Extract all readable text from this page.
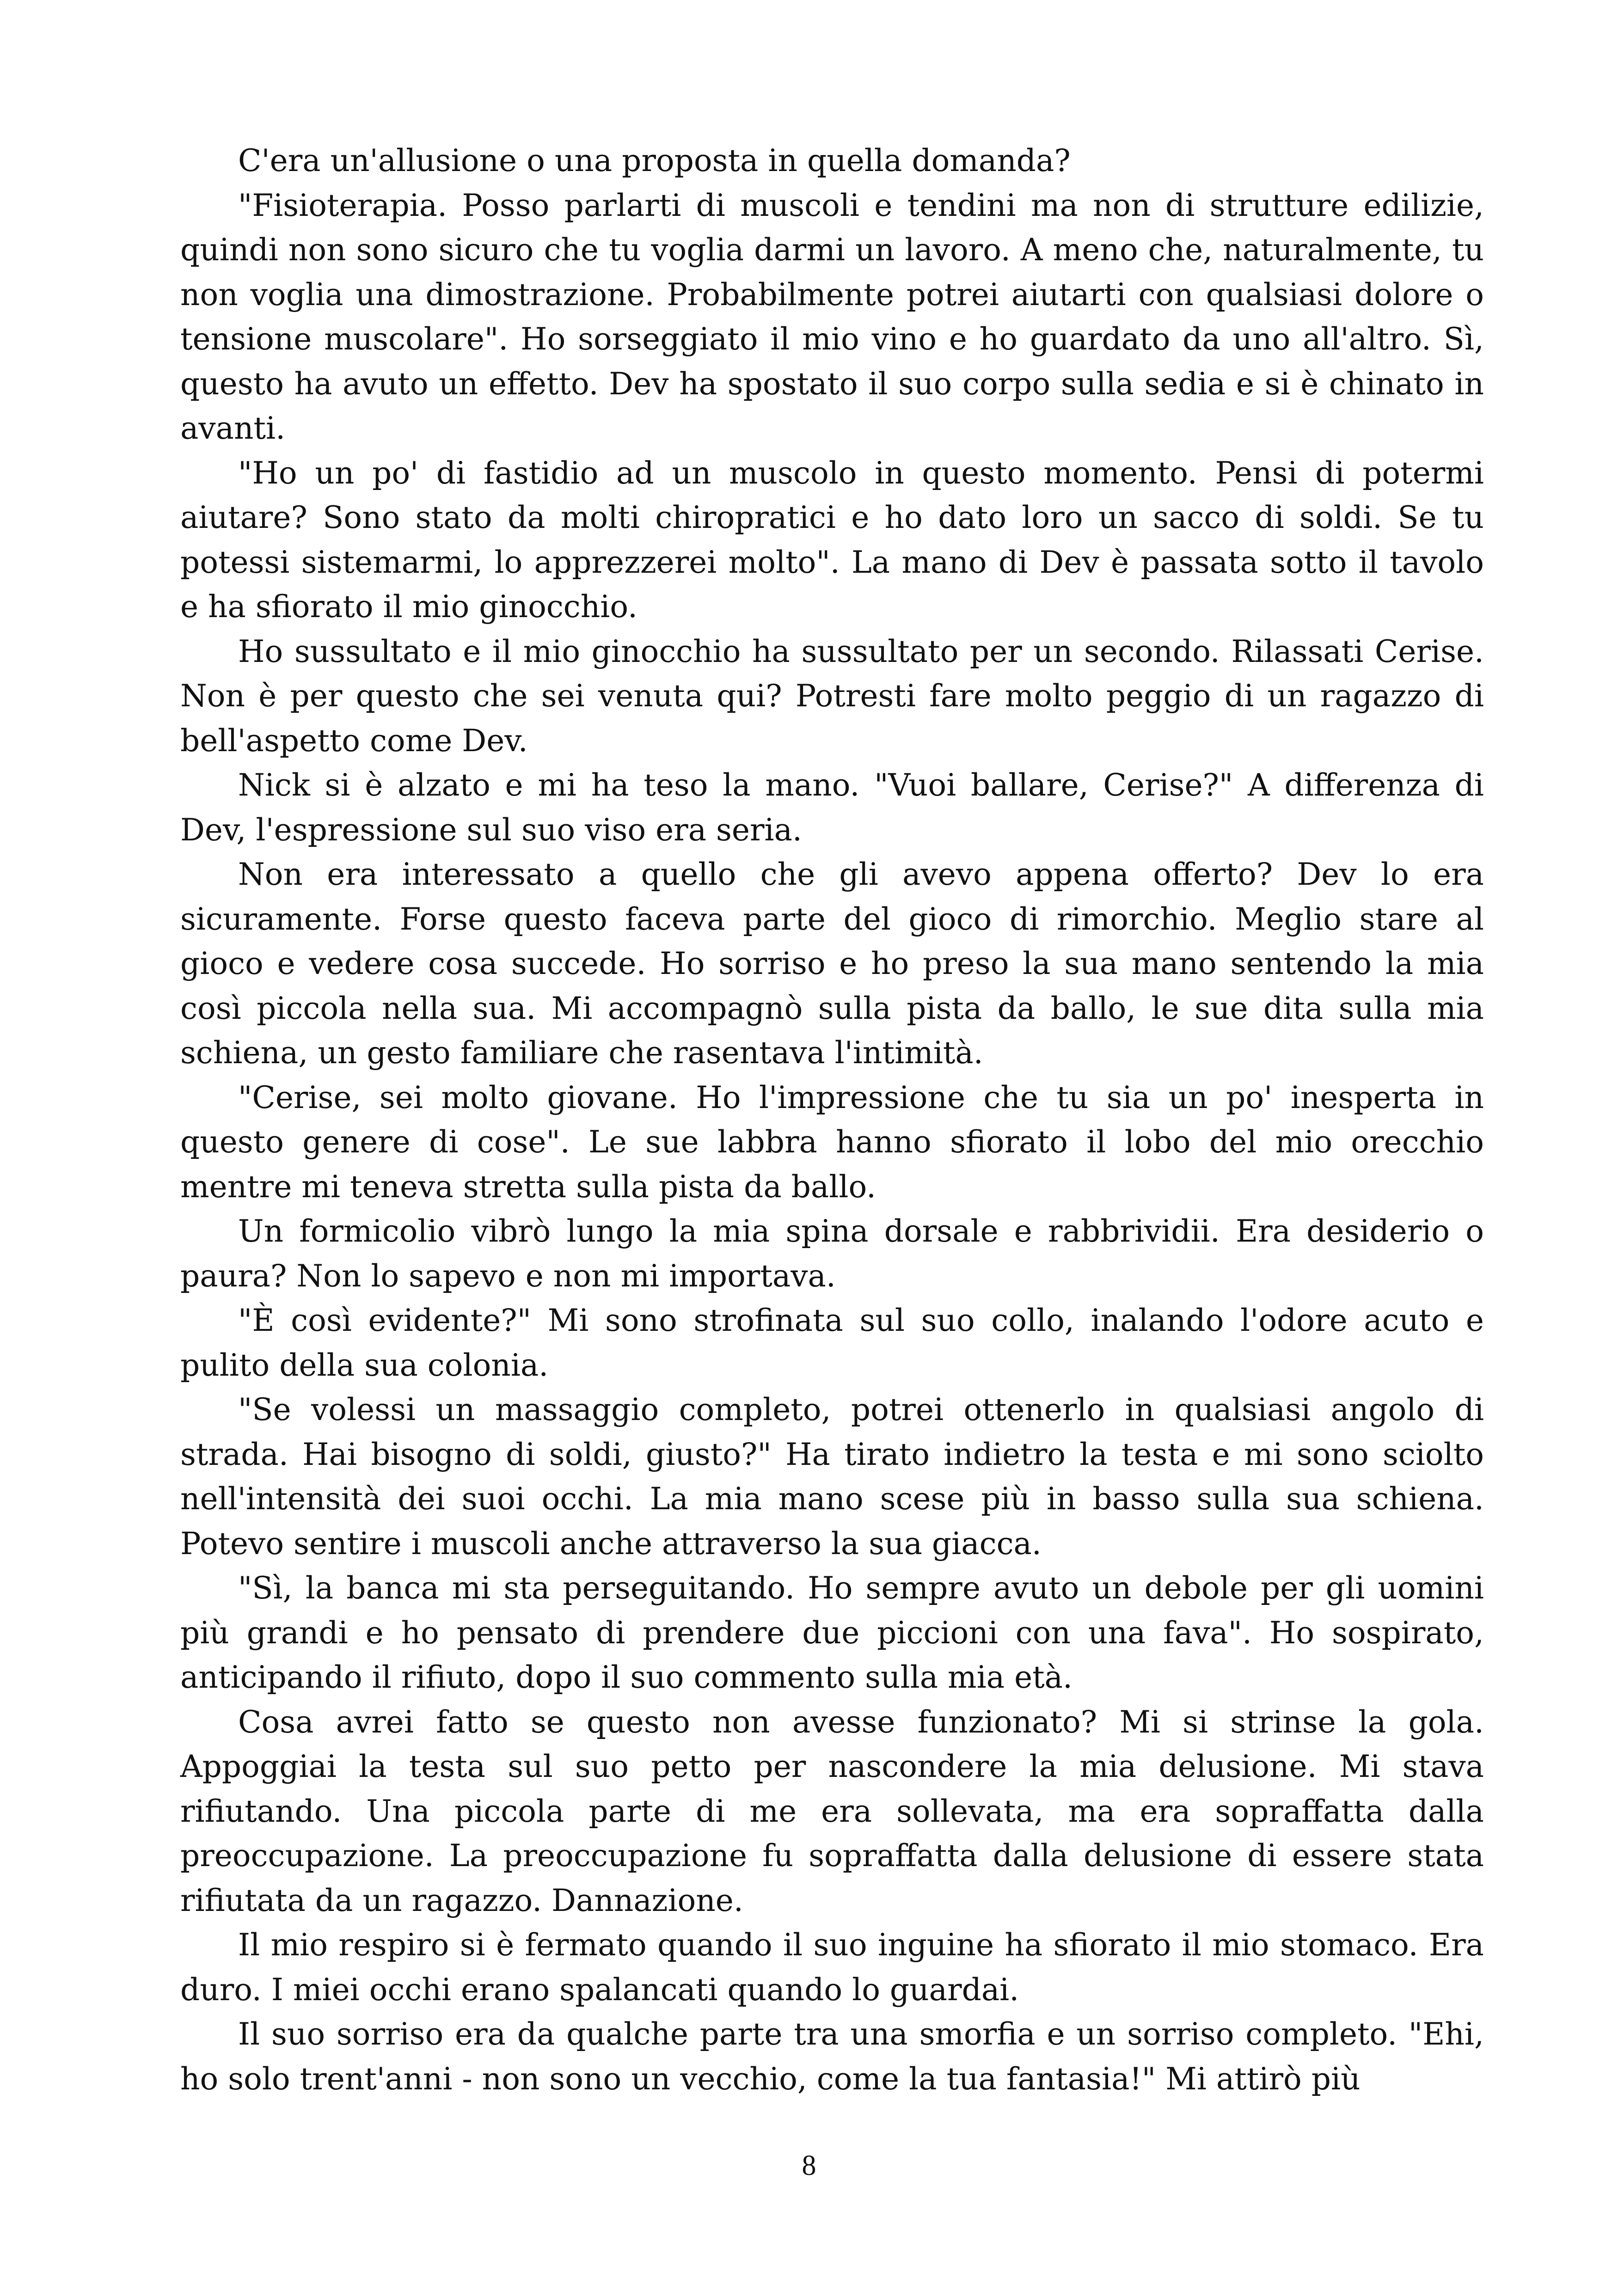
C'era un'allusione o una proposta in quella domanda?

"Fisioterapia. Posso parlarti di muscoli e tendini ma non di strutture edilizie, quindi non sono sicuro che tu voglia darmi un lavoro. A meno che, naturalmente, tu non voglia una dimostrazione. Probabilmente potrei aiutarti con qualsiasi dolore o tensione muscolare". Ho sorseggiato il mio vino e ho guardato da uno all'altro. Sì, questo ha avuto un effetto. Dev ha spostato il suo corpo sulla sedia e si è chinato in avanti.

"Ho un po' di fastidio ad un muscolo in questo momento. Pensi di potermi aiutare? Sono stato da molti chiropratici e ho dato loro un sacco di soldi. Se tu potessi sistemarmi, lo apprezzerei molto". La mano di Dev è passata sotto il tavolo e ha sfiorato il mio ginocchio.

Ho sussultato e il mio ginocchio ha sussultato per un secondo. Rilassati Cerise. Non è per questo che sei venuta qui? Potresti fare molto peggio di un ragazzo di bell'aspetto come Dev.

Nick si è alzato e mi ha teso la mano. "Vuoi ballare, Cerise?" A differenza di Dev, l'espressione sul suo viso era seria.

Non era interessato a quello che gli avevo appena offerto? Dev lo era sicuramente. Forse questo faceva parte del gioco di rimorchio. Meglio stare al gioco e vedere cosa succede. Ho sorriso e ho preso la sua mano sentendo la mia così piccola nella sua. Mi accompagnò sulla pista da ballo, le sue dita sulla mia schiena, un gesto familiare che rasentava l'intimità.

"Cerise, sei molto giovane. Ho l'impressione che tu sia un po' inesperta in questo genere di cose". Le sue labbra hanno sfiorato il lobo del mio orecchio mentre mi teneva stretta sulla pista da ballo.

Un formicolio vibrò lungo la mia spina dorsale e rabbrividii. Era desiderio o paura? Non lo sapevo e non mi importava.

"È così evidente?" Mi sono strofinata sul suo collo, inalando l'odore acuto e pulito della sua colonia.

"Se volessi un massaggio completo, potrei ottenerlo in qualsiasi angolo di strada. Hai bisogno di soldi, giusto?" Ha tirato indietro la testa e mi sono sciolto nell'intensità dei suoi occhi. La mia mano scese più in basso sulla sua schiena. Potevo sentire i muscoli anche attraverso la sua giacca.

"Sì, la banca mi sta perseguitando. Ho sempre avuto un debole per gli uomini più grandi e ho pensato di prendere due piccioni con una fava". Ho sospirato, anticipando il rifiuto, dopo il suo commento sulla mia età.

Cosa avrei fatto se questo non avesse funzionato? Mi si strinse la gola. Appoggiai la testa sul suo petto per nascondere la mia delusione. Mi stava rifiutando. Una piccola parte di me era sollevata, ma era sopraffatta dalla preoccupazione. La preoccupazione fu sopraffatta dalla delusione di essere stata rifiutata da un ragazzo. Dannazione.

Il mio respiro si è fermato quando il suo inguine ha sfiorato il mio stomaco. Era duro. I miei occhi erano spalancati quando lo guardai.

Il suo sorriso era da qualche parte tra una smorfia e un sorriso completo. "Ehi, ho solo trent'anni - non sono un vecchio, come la tua fantasia!" Mi attirò più

8
